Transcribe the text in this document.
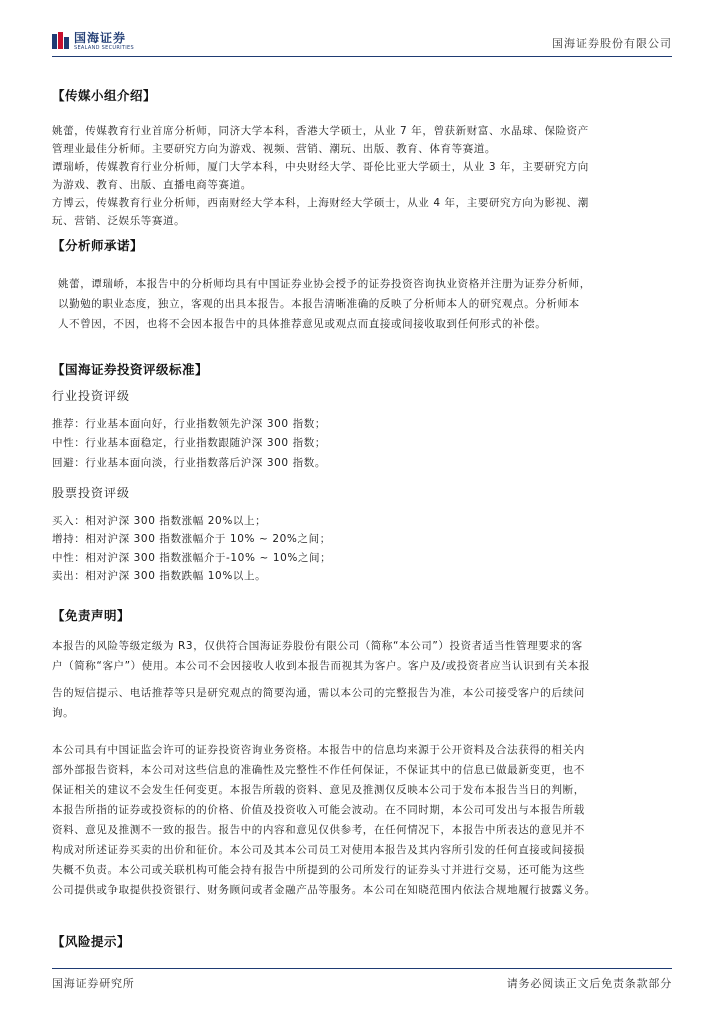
国海证券
SEALAND SECURITIES	国海证券股份有限公司
【传媒小组介绍】
姚蕾，传媒教育行业首席分析师，同济大学本科，香港大学硕士，从业 7 年，曾获新财富、水晶球、保险资产
管理业最佳分析师。主要研究方向为游戏、视频、营销、潮玩、出版、教育、体育等赛道。
谭瑞峤，传媒教育行业分析师，厦门大学本科，中央财经大学、哥伦比亚大学硕士，从业 3 年，主要研究方向
为游戏、教育、出版、直播电商等赛道。
方博云，传媒教育行业分析师，西南财经大学本科，上海财经大学硕士，从业 4 年，主要研究方向为影视、潮
玩、营销、泛娱乐等赛道。
【分析师承诺】
姚蕾，谭瑞峤，本报告中的分析师均具有中国证券业协会授予的证券投资咨询执业资格并注册为证券分析师，
以勤勉的职业态度，独立，客观的出具本报告。本报告清晰准确的反映了分析师本人的研究观点。分析师本
人不曾因，不因，也将不会因本报告中的具体推荐意见或观点而直接或间接收取到任何形式的补偿。
【国海证券投资评级标准】
行业投资评级
推荐：行业基本面向好，行业指数领先沪深 300 指数；
中性：行业基本面稳定，行业指数跟随沪深 300 指数；
回避：行业基本面向淡，行业指数落后沪深 300 指数。
股票投资评级
买入：相对沪深 300 指数涨幅 20%以上；
增持：相对沪深 300 指数涨幅介于 10% ~ 20%之间；
中性：相对沪深 300 指数涨幅介于-10% ~ 10%之间；
卖出：相对沪深 300 指数跌幅 10%以上。
【免责声明】
本报告的风险等级定级为 R3，仅供符合国海证券股份有限公司（简称“本公司”）投资者适当性管理要求的客
户（简称“客户”）使用。本公司不会因接收人收到本报告而视其为客户。客户及/或投资者应当认识到有关本报
告的短信提示、电话推荐等只是研究观点的简要沟通，需以本公司的完整报告为准，本公司接受客户的后续问
询。
本公司具有中国证监会许可的证券投资咨询业务资格。本报告中的信息均来源于公开资料及合法获得的相关内
部外部报告资料，本公司对这些信息的准确性及完整性不作任何保证，不保证其中的信息已做最新变更，也不
保证相关的建议不会发生任何变更。本报告所载的资料、意见及推测仅反映本公司于发布本报告当日的判断，
本报告所指的证券或投资标的的价格、价值及投资收入可能会波动。在不同时期，本公司可发出与本报告所载
资料、意见及推测不一致的报告。报告中的内容和意见仅供参考，在任何情况下，本报告中所表达的意见并不
构成对所述证券买卖的出价和征价。本公司及其本公司员工对使用本报告及其内容所引发的任何直接或间接损
失概不负责。本公司或关联机构可能会持有报告中所提到的公司所发行的证券头寸并进行交易，还可能为这些
公司提供或争取提供投资银行、财务顾问或者金融产品等服务。本公司在知晓范围内依法合规地履行披露义务。
【风险提示】
国海证券研究所	请务必阅读正文后免责条款部分
